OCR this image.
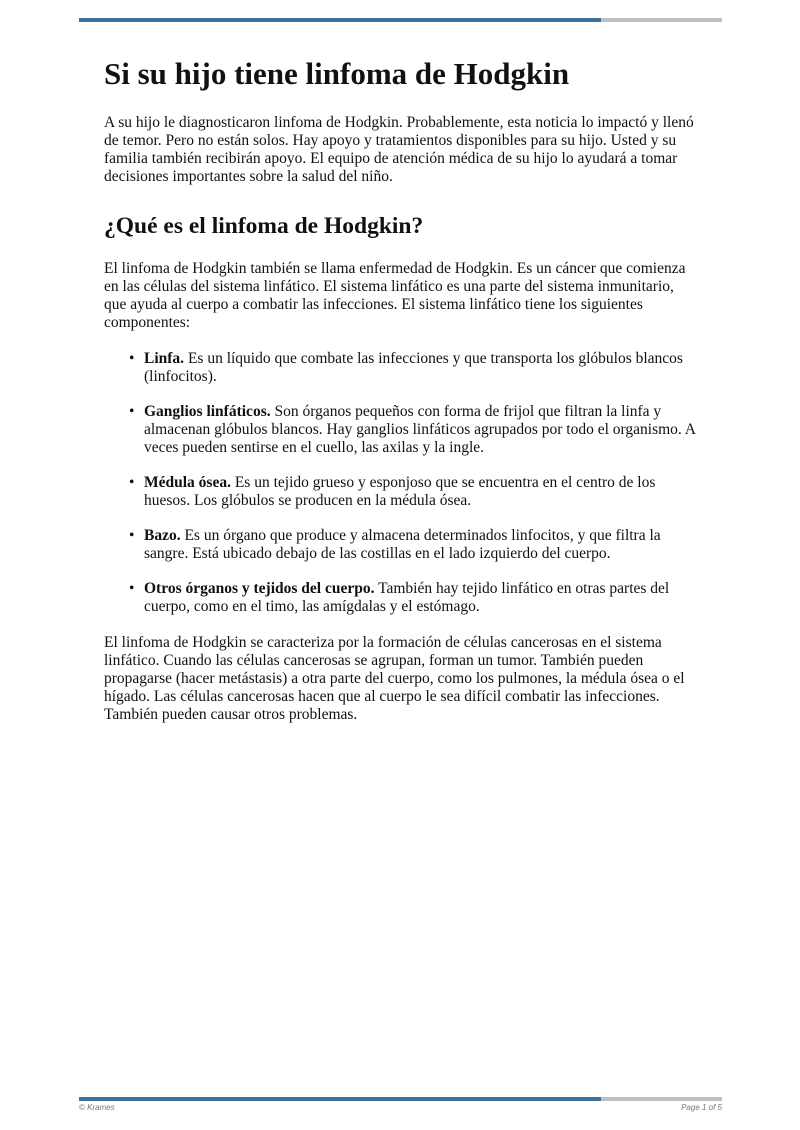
Si su hijo tiene linfoma de Hodgkin

A su hijo le diagnosticaron linfoma de Hodgkin. Probablemente, esta noticia lo impactó y llenó de temor. Pero no están solos. Hay apoyo y tratamientos disponibles para su hijo. Usted y su familia también recibirán apoyo. El equipo de atención médica de su hijo lo ayudará a tomar decisiones importantes sobre la salud del niño.

¿Qué es el linfoma de Hodgkin?

El linfoma de Hodgkin también se llama enfermedad de Hodgkin. Es un cáncer que comienza en las células del sistema linfático. El sistema linfático es una parte del sistema inmunitario, que ayuda al cuerpo a combatir las infecciones. El sistema linfático tiene los siguientes componentes:

• Linfa. Es un líquido que combate las infecciones y que transporta los glóbulos blancos (linfocitos).
• Ganglios linfáticos. Son órganos pequeños con forma de frijol que filtran la linfa y almacenan glóbulos blancos. Hay ganglios linfáticos agrupados por todo el organismo. A veces pueden sentirse en el cuello, las axilas y la ingle.
• Médula ósea. Es un tejido grueso y esponjoso que se encuentra en el centro de los huesos. Los glóbulos se producen en la médula ósea.
• Bazo. Es un órgano que produce y almacena determinados linfocitos, y que filtra la sangre. Está ubicado debajo de las costillas en el lado izquierdo del cuerpo.
• Otros órganos y tejidos del cuerpo. También hay tejido linfático en otras partes del cuerpo, como en el timo, las amígdalas y el estómago.

El linfoma de Hodgkin se caracteriza por la formación de células cancerosas en el sistema linfático. Cuando las células cancerosas se agrupan, forman un tumor. También pueden propagarse (hacer metástasis) a otra parte del cuerpo, como los pulmones, la médula ósea o el hígado. Las células cancerosas hacen que al cuerpo le sea difícil combatir las infecciones. También pueden causar otros problemas.

© Krames	Page 1 of 5
